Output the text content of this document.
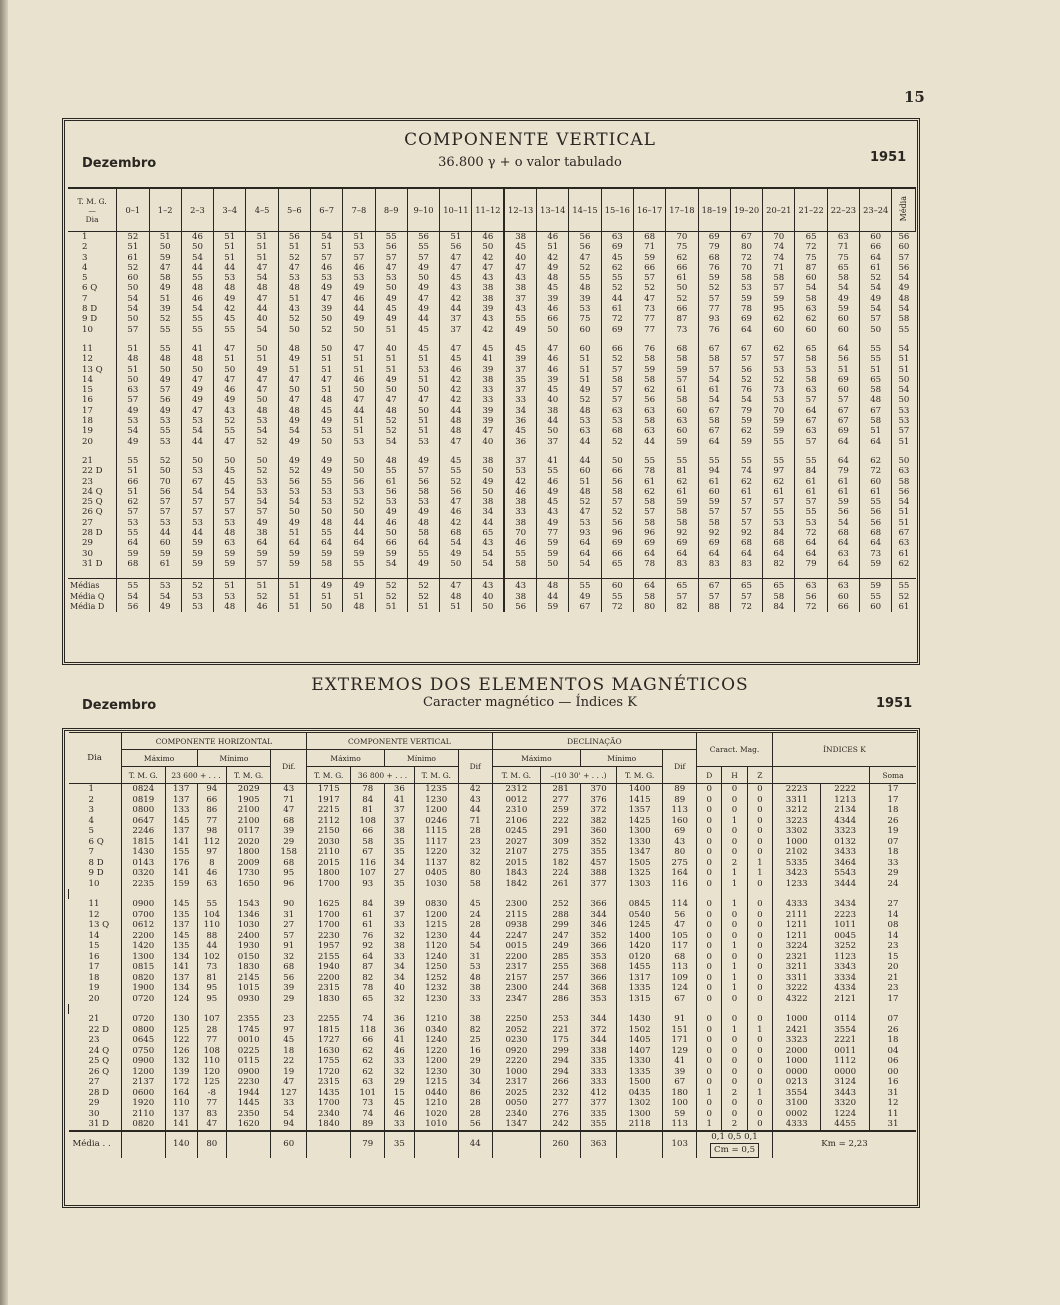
15
COMPONENTE VERTICAL
36.800 γ + o valor tabulado
Dezembro	1951
T. M. G.
—
Dia	0–1	1–2	2–3	3–4	4–5	5–6	6–7	7–8	8–9	9–10	10–11	11–12	12–13	13–14	14–15	15–16	16–17	17–18	18–19	19–20	20–21	21–22	22–23	23–24	Média
1	52	51	46	51	51	56	54	51	55	56	51	46	38	46	56	63	68	70	69	67	70	65	63	60	56
2	51	50	50	51	51	51	51	53	56	55	56	50	45	51	56	69	71	75	79	80	74	72	71	66	60
3	61	59	54	51	51	52	57	57	57	57	47	42	40	42	47	45	59	62	68	72	74	75	75	64	57
4	52	47	44	44	47	47	46	46	47	49	47	47	47	49	52	62	66	66	76	70	71	87	65	61	56
5	60	58	55	53	54	53	53	53	53	50	45	43	43	48	55	55	57	61	59	58	58	60	58	52	54
6 Q	50	49	48	48	48	48	49	49	50	49	43	38	38	45	48	52	52	50	52	53	57	54	54	54	49
7	54	51	46	49	47	51	47	46	49	47	42	38	37	39	39	44	47	52	57	59	59	58	49	49	48
8 D	54	39	54	42	44	43	39	44	45	49	44	39	43	46	53	61	73	66	77	78	95	63	59	54	54
9 D	50	52	55	45	40	52	50	49	49	44	37	43	55	66	75	72	77	87	93	69	62	62	60	57	58
10	57	55	55	55	54	50	52	50	51	45	37	42	49	50	60	69	77	73	76	64	60	60	60	50	55

11	51	55	41	47	50	48	50	47	40	45	47	45	45	47	60	66	76	68	67	67	62	65	64	55	54
12	48	48	48	51	51	49	51	51	51	51	45	41	39	46	51	52	58	58	58	57	57	58	56	55	51
13 Q	51	50	50	50	49	51	51	51	51	53	46	39	37	46	51	57	59	59	57	56	53	53	51	51	51
14	50	49	47	47	47	47	47	46	49	51	42	38	35	39	51	58	58	57	54	52	52	58	69	65	50
15	63	57	49	46	47	50	51	50	50	50	42	33	37	45	49	57	62	61	61	76	73	63	60	58	54
16	57	56	49	49	50	47	48	47	47	47	42	33	33	40	52	57	56	58	54	54	53	57	57	48	50
17	49	49	47	43	48	48	45	44	48	50	44	39	34	38	48	63	63	60	67	79	70	64	67	67	53
18	53	53	53	52	53	49	49	51	52	51	48	39	36	44	53	53	58	63	58	59	59	67	67	58	53
19	54	55	54	55	54	54	53	51	52	51	48	47	45	50	63	68	63	60	67	62	59	63	69	51	57
20	49	53	44	47	52	49	50	53	54	53	47	40	36	37	44	52	44	59	64	59	55	57	64	64	51

21	55	52	50	50	50	49	49	50	48	49	45	38	37	41	44	50	55	55	55	55	55	55	64	62	50
22 D	51	50	53	45	52	52	49	50	55	57	55	50	53	55	60	66	78	81	94	74	97	84	79	72	63
23	66	70	67	45	53	56	55	56	61	56	52	49	42	46	51	56	61	62	61	62	62	61	61	60	58
24 Q	51	56	54	54	53	53	53	53	56	58	56	50	46	49	48	58	62	61	60	61	61	61	61	61	56
25 Q	62	57	57	57	54	54	53	52	53	53	47	38	38	45	52	57	58	59	59	57	57	57	59	55	54
26 Q	57	57	57	57	57	50	50	50	49	49	46	34	33	43	47	52	57	58	57	57	55	55	56	56	51
27	53	53	53	53	49	49	48	44	46	48	42	44	38	49	53	56	58	58	58	57	53	53	54	56	51
28 D	55	44	44	48	38	51	55	44	50	58	68	65	70	77	93	96	96	92	92	92	84	72	68	68	67
29	64	60	59	63	64	64	64	64	66	64	54	43	46	59	64	69	69	69	69	68	68	64	64	64	63
30	59	59	59	59	59	59	59	59	59	55	49	54	55	59	64	66	64	64	64	64	64	64	63	73	61
31 D	68	61	59	59	57	59	58	55	54	49	50	54	58	50	54	65	78	83	83	83	82	79	64	59	62

Médias	55	53	52	51	51	51	49	49	52	52	47	43	43	48	55	60	64	65	67	65	65	63	63	59	55
Média Q	54	54	53	53	52	51	51	51	52	52	48	40	38	44	49	55	58	57	57	57	58	56	60	55	52
Média D	56	49	53	48	46	51	50	48	51	51	51	50	56	59	67	72	80	82	88	72	84	72	66	60	61
EXTREMOS DOS ELEMENTOS MAGNÉTICOS
Caracter magnético — Índices K
Dezembro	1951
Dia	COMPONENTE HORIZONTAL					COMPONENTE VERTICAL					DECLINAÇÃO					Caract. Mag.			ÍNDICES K		
	Máximo		Mínimo		Dif.	Máximo		Mínimo		Dif	Máximo		Mínimo		Dif						
	T. M. G.	23 600 + . . .		T. M. G.		T. M. G.	36 800 + . . .		T. M. G.		T. M. G.	–(10 30' + . . .)		T. M. G.		D	H	Z			Soma
1	0824	137	94	2029	43	1715	78	36	1235	42	2312	281	370	1400	89	0	0	0	2223	2222	17
2	0819	137	66	1905	71	1917	84	41	1230	43	0012	277	376	1415	89	0	0	0	3311	1213	17
3	0800	133	86	2100	47	2215	81	37	1200	44	2310	259	372	1357	113	0	0	0	3212	2134	18
4	0647	145	77	2100	68	2112	108	37	0246	71	2106	222	382	1425	160	0	1	0	3223	4344	26
5	2246	137	98	0117	39	2150	66	38	1115	28	0245	291	360	1300	69	0	0	0	3302	3323	19
6 Q	1815	141	112	2020	29	2030	58	35	1117	23	2027	309	352	1330	43	0	0	0	1000	0132	07
7	1430	155	97	1800	158	2110	67	35	1220	32	2107	275	355	1347	80	0	0	0	2102	3433	18
8 D	0143	176	8	2009	68	2015	116	34	1137	82	2015	182	457	1505	275	0	2	1	5335	3464	33
9 D	0320	141	46	1730	95	1800	107	27	0405	80	1843	224	388	1325	164	0	1	1	3423	5543	29
10	2235	159	63	1650	96	1700	93	35	1030	58	1842	261	377	1303	116	0	1	0	1233	3444	24

11	0900	145	55	1543	90	1625	84	39	0830	45	2300	252	366	0845	114	0	1	0	4333	3434	27
12	0700	135	104	1346	31	1700	61	37	1200	24	2115	288	344	0540	56	0	0	0	2111	2223	14
13 Q	0612	137	110	1030	27	1700	61	33	1215	28	0938	299	346	1245	47	0	0	0	1211	1011	08
14	2200	145	88	2400	57	2230	76	32	1230	44	2247	247	352	1400	105	0	0	0	1211	0045	14
15	1420	135	44	1930	91	1957	92	38	1120	54	0015	249	366	1420	117	0	1	0	3224	3252	23
16	1300	134	102	0150	32	2155	64	33	1240	31	2200	285	353	0120	68	0	0	0	2321	1123	15
17	0815	141	73	1830	68	1940	87	34	1250	53	2317	255	368	1455	113	0	1	0	3211	3343	20
18	0820	137	81	2145	56	2200	82	34	1252	48	2157	257	366	1317	109	0	1	0	3311	3334	21
19	1900	134	95	1015	39	2315	78	40	1232	38	2300	244	368	1335	124	0	1	0	3222	4334	23
20	0720	124	95	0930	29	1830	65	32	1230	33	2347	286	353	1315	67	0	0	0	4322	2121	17

21	0720	130	107	2355	23	2255	74	36	1210	38	2250	253	344	1430	91	0	0	0	1000	0114	07
22 D	0800	125	28	1745	97	1815	118	36	0340	82	2052	221	372	1502	151	0	1	1	2421	3554	26
23	0645	122	77	0010	45	1727	66	41	1240	25	0230	175	344	1405	171	0	0	0	3323	2221	18
24 Q	0750	126	108	0225	18	1630	62	46	1220	16	0920	299	338	1407	129	0	0	0	2000	0011	04
25 Q	0900	132	110	0115	22	1755	62	33	1200	29	2220	294	335	1330	41	0	0	0	1000	1112	06
26 Q	1200	139	120	0900	19	1720	62	32	1230	30	1000	294	333	1335	39	0	0	0	0000	0000	00
27	2137	172	125	2230	47	2315	63	29	1215	34	2317	266	333	1500	67	0	0	0	0213	3124	16
28 D	0600	164	-8	1944	127	1435	101	15	0440	86	2025	232	412	0435	180	1	2	1	3554	3443	31
29	1920	110	77	1445	33	1700	73	45	1210	28	0050	277	377	1302	100	0	0	0	3100	3320	12
30	2110	137	83	2350	54	2340	74	46	1020	28	2340	276	335	1300	59	0	0	0	0002	1224	11
31 D	0820	141	47	1620	94	1840	89	33	1010	56	1347	242	355	2118	113	1	2	0	4333	4455	31
Média . .		140	80		60		79	35		44		260	363		103	0,1 0,5 0,1
Cm = 0,5			Km = 2,23		
